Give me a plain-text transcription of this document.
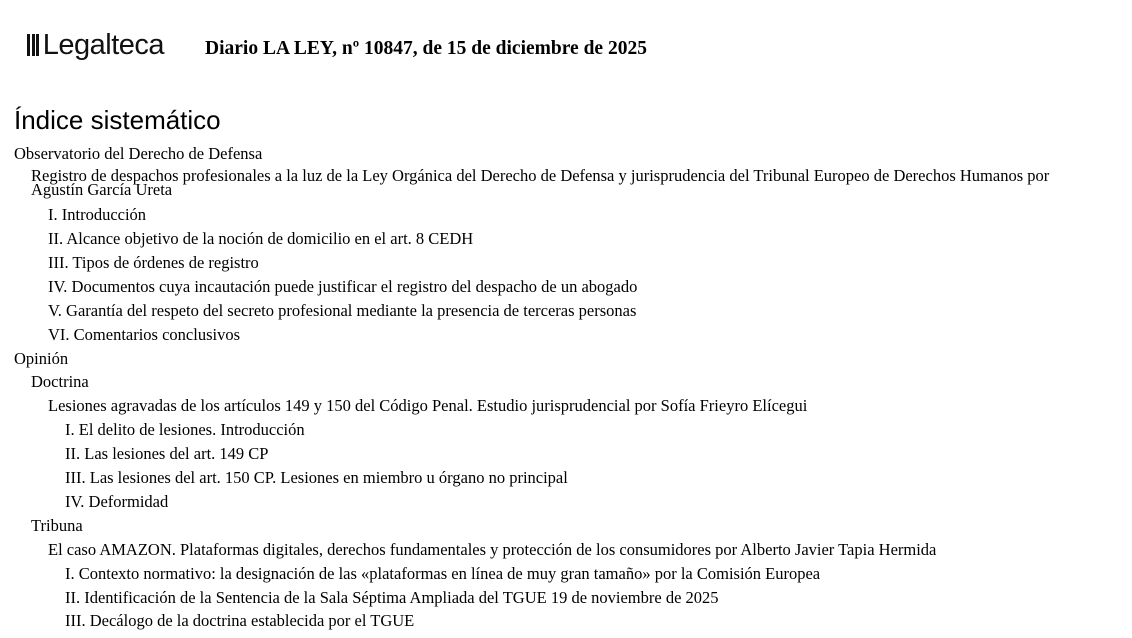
Legalteca Diario LA LEY, nº 10847, de 15 de diciembre de 2025
Índice sistemático
Observatorio del Derecho de Defensa
Registro de despachos profesionales a la luz de la Ley Orgánica del Derecho de Defensa y jurisprudencia del Tribunal Europeo de Derechos Humanos por Agustín García Ureta
I. Introducción
II. Alcance objetivo de la noción de domicilio en el art. 8 CEDH
III. Tipos de órdenes de registro
IV. Documentos cuya incautación puede justificar el registro del despacho de un abogado
V. Garantía del respeto del secreto profesional mediante la presencia de terceras personas
VI. Comentarios conclusivos
Opinión
Doctrina
Lesiones agravadas de los artículos 149 y 150 del Código Penal. Estudio jurisprudencial por Sofía Frieyro Elícegui
I. El delito de lesiones. Introducción
II. Las lesiones del art. 149 CP
III. Las lesiones del art. 150 CP. Lesiones en miembro u órgano no principal
IV. Deformidad
Tribuna
El caso AMAZON. Plataformas digitales, derechos fundamentales y protección de los consumidores por Alberto Javier Tapia Hermida
I. Contexto normativo: la designación de las «plataformas en línea de muy gran tamaño» por la Comisión Europea
II. Identificación de la Sentencia de la Sala Séptima Ampliada del TGUE 19 de noviembre de 2025
III. Decálogo de la doctrina establecida por el TGUE
